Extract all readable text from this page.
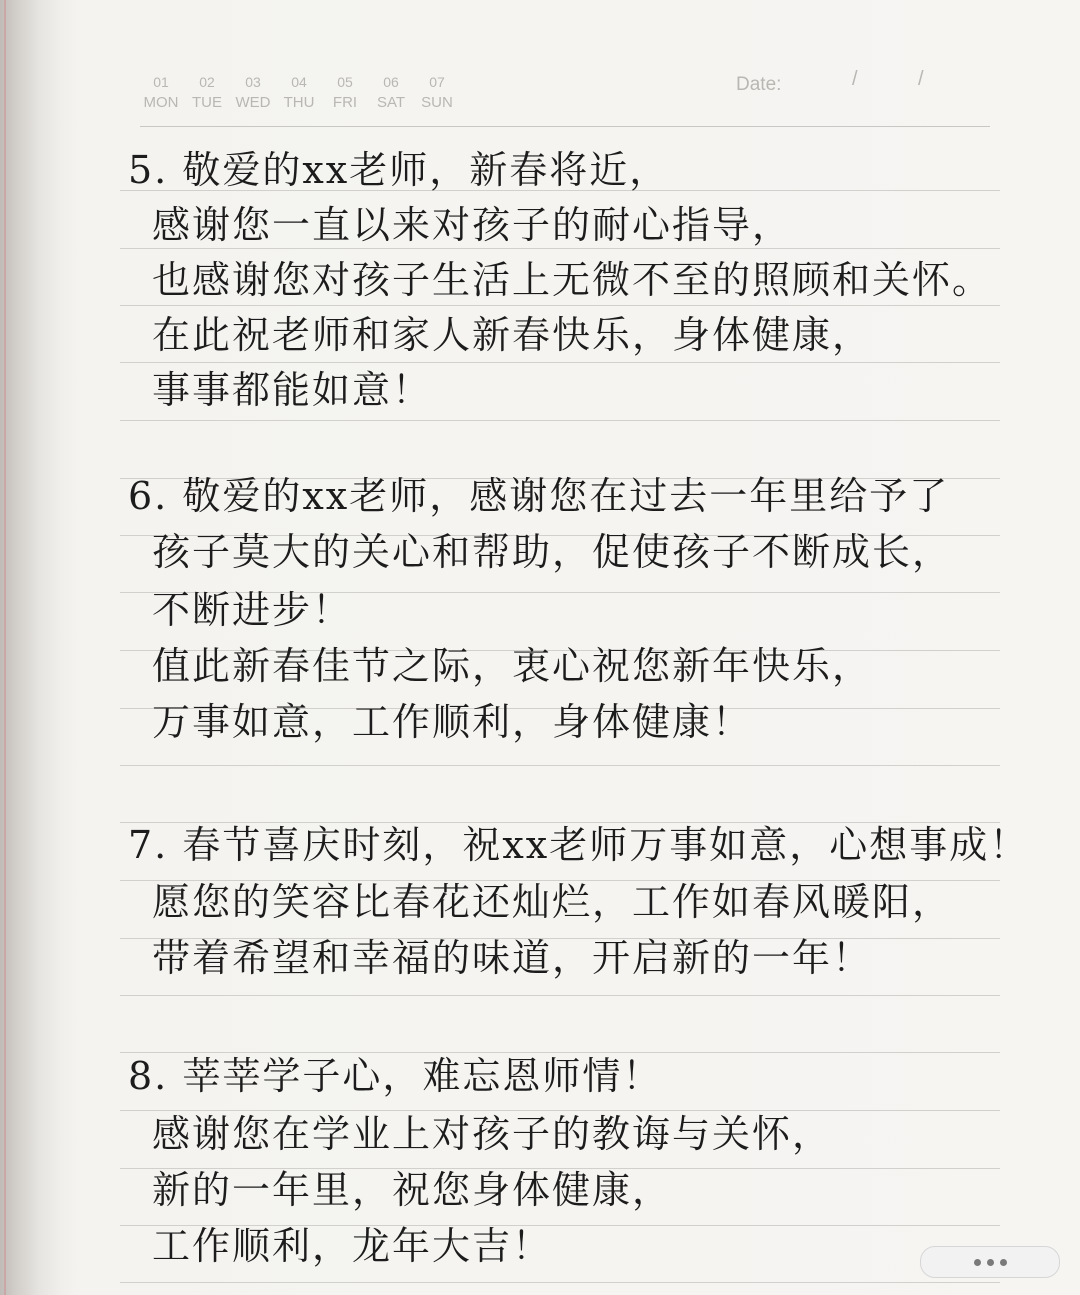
01
MON
02
TUE
03
WED
04
THU
05
FRI
06
SAT
07
SUN
Date:	/	/
5. 敬爱的xx老师，新春将近，
感谢您一直以来对孩子的耐心指导，
也感谢您对孩子生活上无微不至的照顾和关怀。
在此祝老师和家人新春快乐，身体健康，
事事都能如意！
6. 敬爱的xx老师，感谢您在过去一年里给予了
孩子莫大的关心和帮助，促使孩子不断成长，
不断进步！
值此新春佳节之际，衷心祝您新年快乐，
万事如意，工作顺利，身体健康！
7. 春节喜庆时刻，祝xx老师万事如意，心想事成！
愿您的笑容比春花还灿烂，工作如春风暖阳，
带着希望和幸福的味道，开启新的一年！
8. 莘莘学子心，难忘恩师情！
感谢您在学业上对孩子的教诲与关怀，
新的一年里，祝您身体健康，
工作顺利，龙年大吉！
